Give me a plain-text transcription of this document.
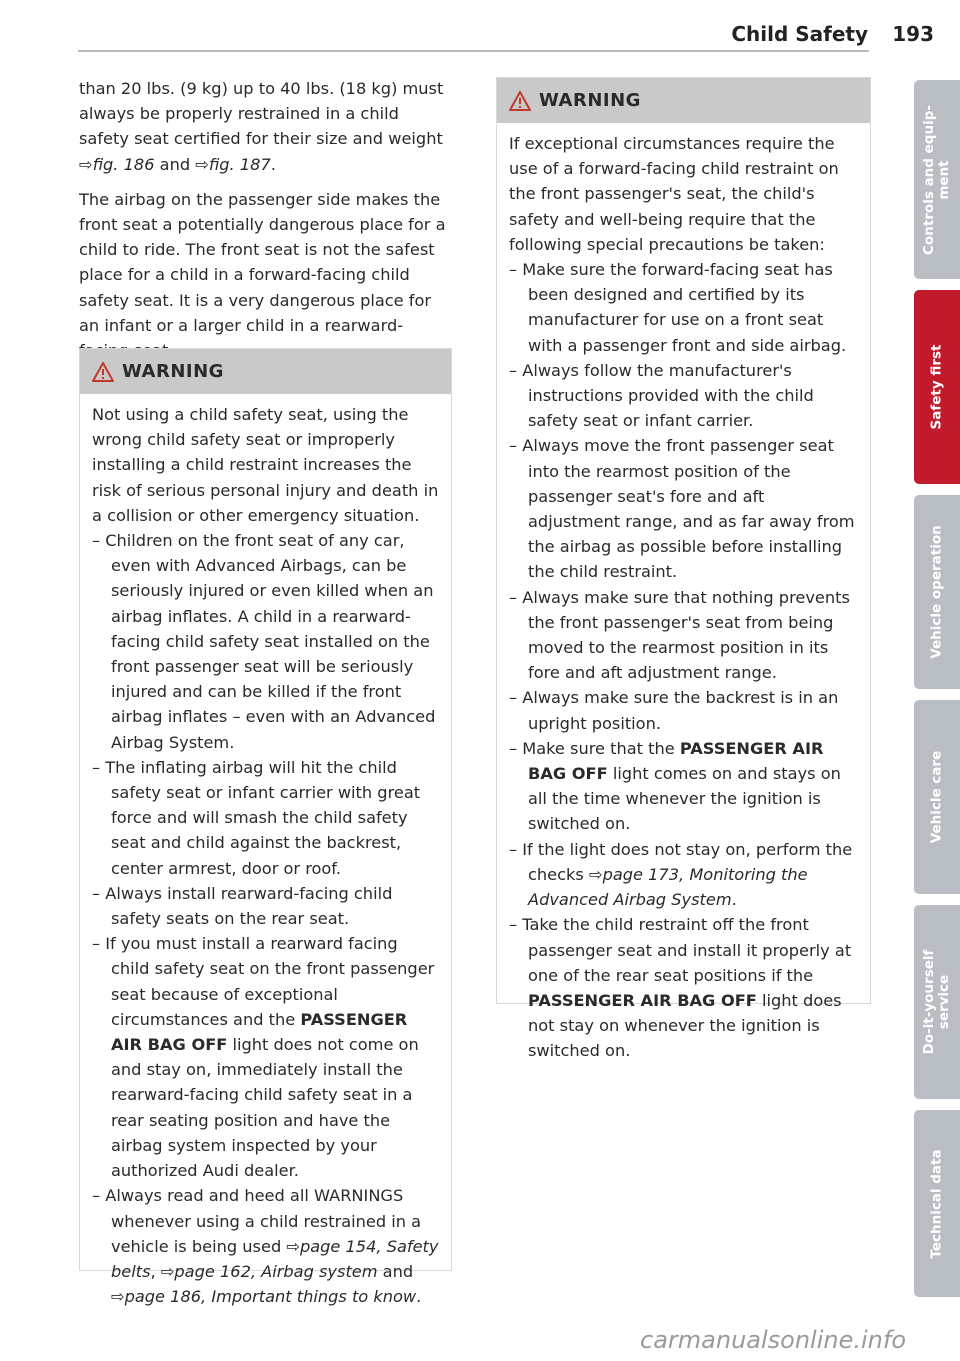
Child Safety 193

than 20 lbs. (9 kg) up to 40 lbs. (18 kg) must always be properly restrained in a child safety seat certified for their size and weight ⇨fig. 186 and ⇨fig. 187.

The airbag on the passenger side makes the front seat a potentially dangerous place for a child to ride. The front seat is not the safest place for a child in a forward-facing child safety seat. It is a very dangerous place for an infant or a larger child in a rearward-

WARNING

Not using a child safety seat, using the wrong child safety seat or improperly installing a child restraint increases the risk of serious personal injury and death in a collision or other emergency situation.

– Children on the front seat of any car, even with Advanced Airbags, can be seriously injured or even killed when an airbag inflates. A child in a rearward-facing child safety seat installed on the front passenger seat will be seriously injured and can be killed if the front airbag inflates – even with an Advanced Airbag System.
– The inflating airbag will hit the child safety seat or infant carrier with great force and will smash the child safety seat and child against the backrest, center armrest, door or roof.
– Always install rearward-facing child safety seats on the rear seat.
– If you must install a rearward facing child safety seat on the front passenger seat because of exceptional circumstances and the PASSENGER AIR BAG OFF light does not come on and stay on, immediately install the rearward-facing child safety seat in a rear seating position and have the airbag system inspected by your authorized Audi dealer.
– Always read and heed all WARNINGS whenever using a child restrained in a vehicle is being used ⇨page 154, Safety belts, ⇨page 162, Airbag system and ⇨page 186, Important things to know.
WARNING

If exceptional circumstances require the use of a forward-facing child restraint on the front passenger's seat, the child's safety and well-being require that the following special precautions be taken:

– Make sure the forward-facing seat has been designed and certified by its manufacturer for use on a front seat with a passenger front and side airbag.
– Always follow the manufacturer's instructions provided with the child safety seat or infant carrier.
– Always move the front passenger seat into the rearmost position of the passenger seat's fore and aft adjustment range, and as far away from the airbag as possible before installing the child restraint.
– Always make sure that nothing prevents the front passenger's seat from being moved to the rearmost position in its fore and aft adjustment range.
– Always make sure the backrest is in an upright position.
– Make sure that the PASSENGER AIR BAG OFF light comes on and stays on all the time whenever the ignition is switched on.
– If the light does not stay on, perform the checks ⇨page 173, Monitoring the Advanced Airbag System.
– Take the child restraint off the front passenger seat and install it properly at one of the rear seat positions if the PASSENGER AIR BAG OFF light does not stay on whenever the ignition is switched on.
Controls and equip-
ment
Safety first
Vehicle operation
Vehicle care
Do-it-yourself
service
Technical data
carmanualsonline.info
